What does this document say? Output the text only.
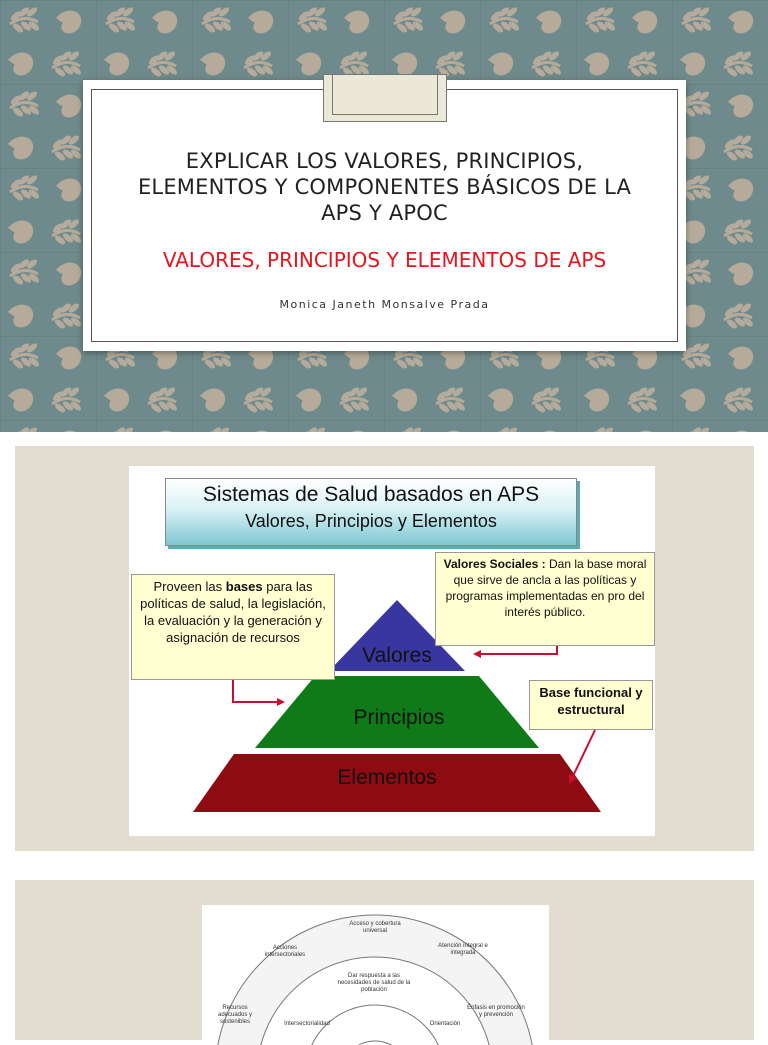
EXPLICAR LOS VALORES, PRINCIPIOS,
ELEMENTOS Y COMPONENTES BÁSICOS DE LA
APS Y APOC
VALORES, PRINCIPIOS Y ELEMENTOS DE APS
Monica Janeth Monsalve Prada
Valores
Principios
Elementos
Sistemas de Salud basados en APS
Valores, Principios y Elementos
Proveen las bases para las políticas de salud, la legislación, la evaluación y la generación y asignación de recursos
Valores Sociales : Dan la base moral que sirve de ancla a las políticas y programas implementadas en pro del interés público.
Base funcional y estructural
Acceso y cobertura universal
Acciones intersectoriales
Atención integral e integrada
Dar respuesta a las necesidades de salud de la población
Recursos adecuados y sostenibles
Énfasis en promoción y prevención
Intersectorialidad	Orientación
